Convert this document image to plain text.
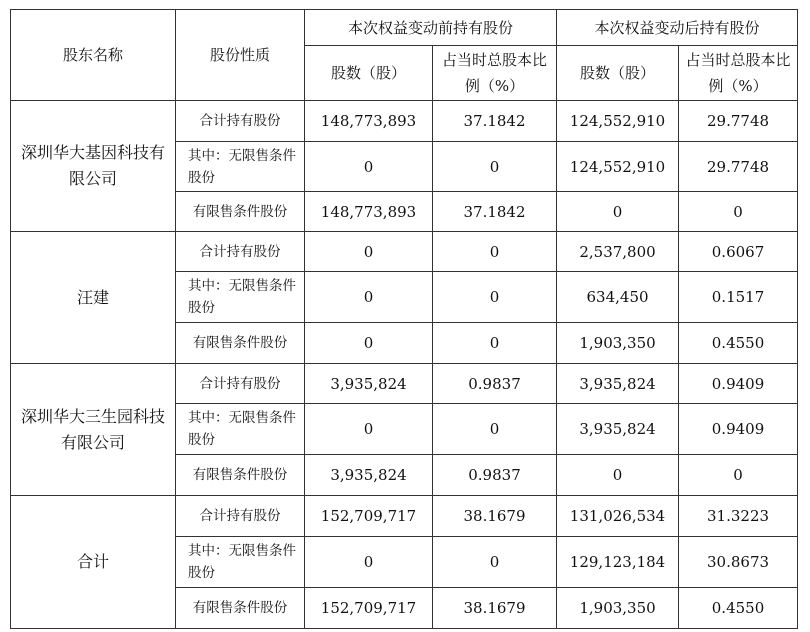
股东名称	股份性质	本次权益变动前持有股份		本次权益变动后持有股份	
		股数（股）	占当时总股本比例（%）	股数（股）	占当时总股本比例（%）
深圳华大基因科技有限公司	合计持有股份	148,773,893	37.1842	124,552,910	29.7748
	其中：无限售条件股份	0	0	124,552,910	29.7748
	有限售条件股份	148,773,893	37.1842	0	0
汪建	合计持有股份	0	0	2,537,800	0.6067
	其中：无限售条件股份	0	0	634,450	0.1517
	有限售条件股份	0	0	1,903,350	0.4550
深圳华大三生园科技有限公司	合计持有股份	3,935,824	0.9837	3,935,824	0.9409
	其中：无限售条件股份	0	0	3,935,824	0.9409
	有限售条件股份	3,935,824	0.9837	0	0
合计	合计持有股份	152,709,717	38.1679	131,026,534	31.3223
	其中：无限售条件股份	0	0	129,123,184	30.8673
	有限售条件股份	152,709,717	38.1679	1,903,350	0.4550
